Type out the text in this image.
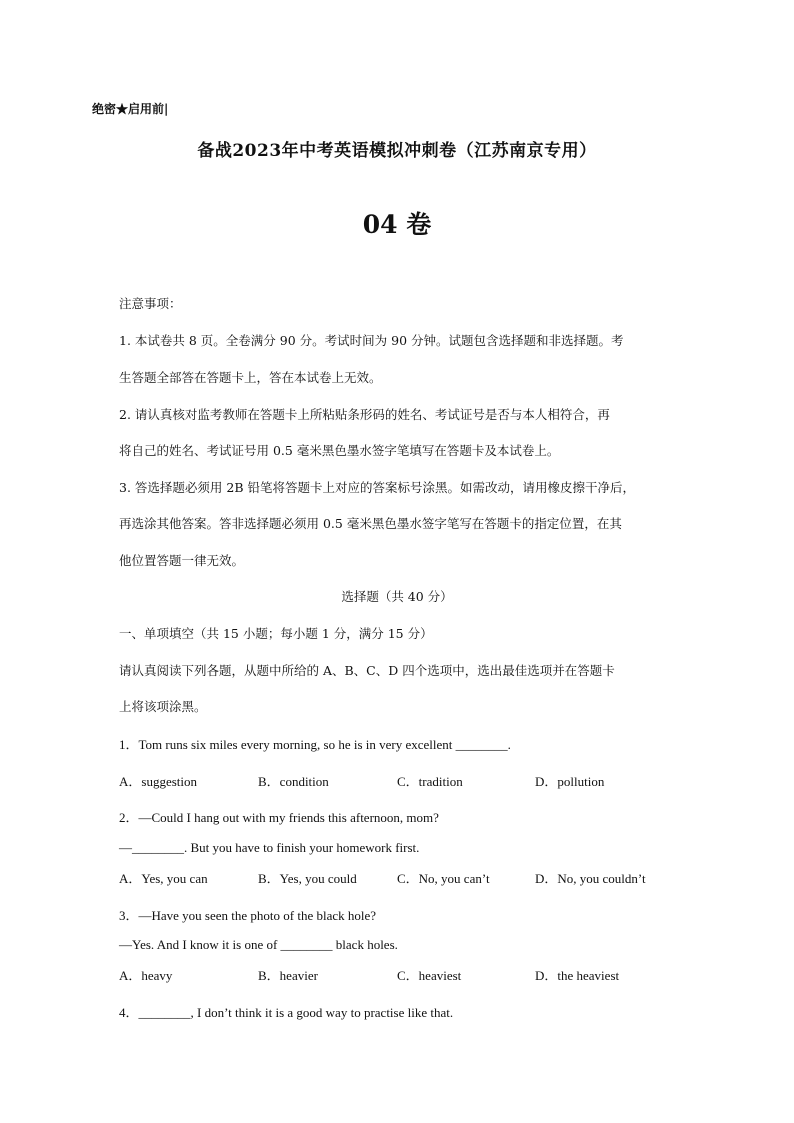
绝密★启用前|
备战2023年中考英语模拟冲刺卷（江苏南京专用）
04 卷
注意事项：
1. 本试卷共 8 页。全卷满分 90 分。考试时间为 90 分钟。试题包含选择题和非选择题。考
生答题全部答在答题卡上，答在本试卷上无效。
2. 请认真核对监考教师在答题卡上所粘贴条形码的姓名、考试证号是否与本人相符合，再
将自己的姓名、考试证号用 0.5 毫米黑色墨水签字笔填写在答题卡及本试卷上。
3. 答选择题必须用 2B 铅笔将答题卡上对应的答案标号涂黑。如需改动，请用橡皮擦干净后，
再选涂其他答案。答非选择题必须用 0.5 毫米黑色墨水签字笔写在答题卡的指定位置，在其
他位置答题一律无效。
选择题（共 40 分）
一、单项填空（共 15 小题；每小题 1 分，满分 15 分）
请认真阅读下列各题，从题中所给的 A、B、C、D 四个选项中，选出最佳选项并在答题卡
上将该项涂黑。
1．Tom runs six miles every morning, so he is in very excellent ________.
A．suggestion	B．condition	C．tradition	D．pollution
2．—Could I hang out with my friends this afternoon, mom?
—________. But you have to finish your homework first.
A．Yes, you can	B．Yes, you could	C．No, you can’t	D．No, you couldn’t
3．—Have you seen the photo of the black hole?
—Yes. And I know it is one of ________ black holes.
A．heavy	B．heavier	C．heaviest	D．the heaviest
4．________, I don’t think it is a good way to practise like that.
